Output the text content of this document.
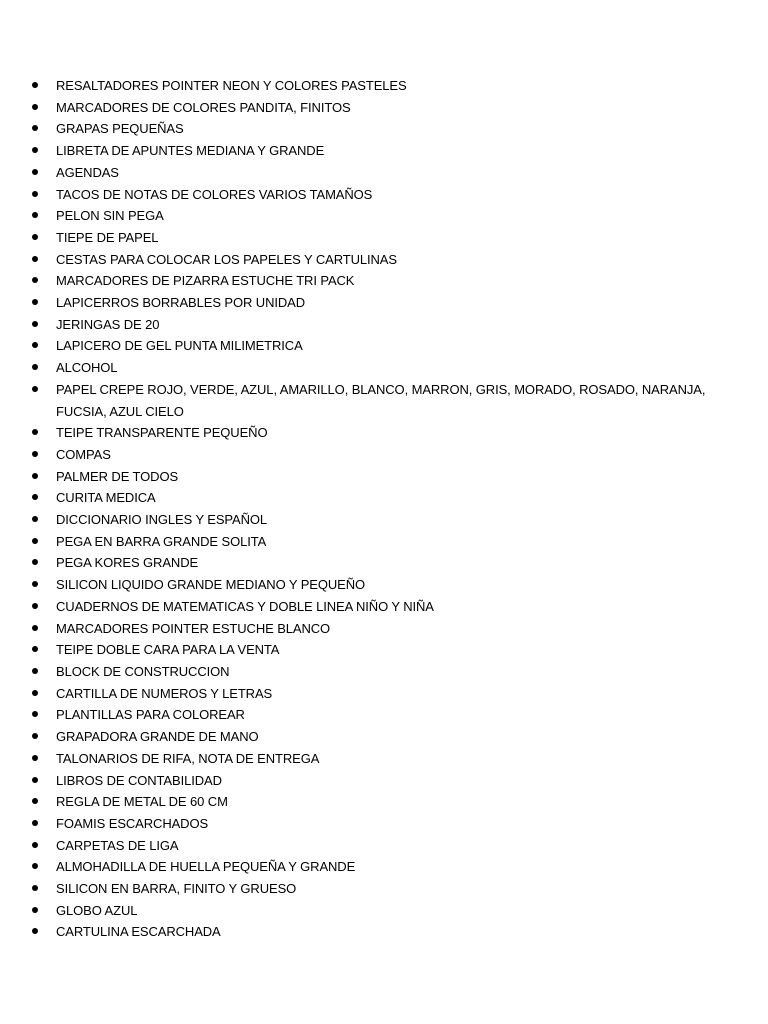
RESALTADORES POINTER NEON Y COLORES PASTELES
MARCADORES DE COLORES PANDITA, FINITOS
GRAPAS PEQUEÑAS
LIBRETA DE APUNTES MEDIANA Y GRANDE
AGENDAS
TACOS DE NOTAS DE COLORES VARIOS TAMAÑOS
PELON SIN PEGA
TIEPE DE PAPEL
CESTAS PARA COLOCAR LOS PAPELES Y CARTULINAS
MARCADORES DE PIZARRA ESTUCHE TRI PACK
LAPICERROS BORRABLES POR UNIDAD
JERINGAS DE 20
LAPICERO DE GEL PUNTA MILIMETRICA
ALCOHOL
PAPEL CREPE ROJO, VERDE, AZUL, AMARILLO, BLANCO, MARRON, GRIS, MORADO, ROSADO, NARANJA, FUCSIA, AZUL CIELO
TEIPE TRANSPARENTE PEQUEÑO
COMPAS
PALMER DE TODOS
CURITA MEDICA
DICCIONARIO INGLES Y ESPAÑOL
PEGA EN BARRA GRANDE SOLITA
PEGA KORES GRANDE
SILICON LIQUIDO GRANDE MEDIANO Y PEQUEÑO
CUADERNOS DE MATEMATICAS Y DOBLE LINEA NIÑO Y NIÑA
MARCADORES POINTER ESTUCHE BLANCO
TEIPE DOBLE CARA PARA LA VENTA
BLOCK DE CONSTRUCCION
CARTILLA DE NUMEROS Y LETRAS
PLANTILLAS PARA COLOREAR
GRAPADORA GRANDE DE MANO
TALONARIOS DE RIFA, NOTA DE ENTREGA
LIBROS DE CONTABILIDAD
REGLA DE METAL DE 60 CM
FOAMIS ESCARCHADOS
CARPETAS DE LIGA
ALMOHADILLA DE HUELLA PEQUEÑA Y GRANDE
SILICON EN BARRA, FINITO Y GRUESO
GLOBO AZUL
CARTULINA ESCARCHADA
